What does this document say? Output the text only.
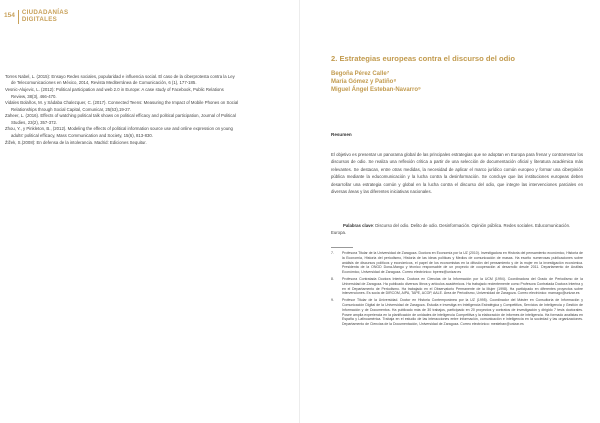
154 CIUDADANÍAS
DIGITALES

Torres Nabel, L. (2015): Ensayo Redes sociales, popularidad e influencia social. El caso de la ciberprotesta contra la Ley de Telecomunicaciones en México, 2014, Revista Mediterránea de Comunicación, 6 (1), 177-185.

Vesnic-Alujevic, L. (2012): Political participation and web 2.0 in Europe: A case study of Facebook, Public Relations Review, 38(3), 466-470.

Vidales Bolaños, M. y Sádaba Chalezquer, C. (2017). Connected Teens: Measuring the Impact of Mobile Phones on Social Relationships through Social Capital, Comunicar, 25(53),19-27.

Zaheer, L. (2016). Effects of watching political talk shows on political efficacy and political participation, Journal of Political Studies, 23(2), 357-372.

Zhou, Y., y Pinkleton, B., (2012). Modeling the effects of political information source use and online expression on young adults' political efficacy, Mass Communication and Society, 15(6), 813-830.

Žižek, S.(2008): En defensa de la intolerancia. Madrid: Ediciones Sequitur.

2. Estrategias europeas contra el discurso del odio
Begoña Pérez Calle⁷
María Gómez y Patiño⁸
Miguel Ángel Esteban-Navarro⁹
Resumen

El objetivo es presentar un panorama global de las principales estrategias que se adoptan en Europa para frenar y contrarrestar los discursos de odio. Se realiza una reflexión crítica a partir de una selección de documentación oficial y literatura académica más relevantes. Se destacan, entre otras medidas, la necesidad de aplicar el marco jurídico común europeo y formar una ciberpinión pública mediante la educomunicación y la lucha contra la desinformación. Se concluye que las instituciones europeas deben desarrollar una estrategia común y global en la lucha contra el discurso del odio, que integre las intervenciones parciales en diversas áreas y las diferentes iniciativas nacionales.

Palabras clave: Discurso del odio. Delito de odio. Desinformación. Opinión pública. Redes sociales. Educomunicación. Europa.

7.	Profesora Titular de la Universidad de Zaragoza. Doctora en Economía por la UZ (2010). Investigadora en Historia del pensamiento económico, Historia de la Economía, Historia del periodismo, Historia de las ideas políticas y Medios de comunicación de masas. Ha escrito numerosas publicaciones sobre análisis de discursos políticos y económicos, el papel de los economistas en la difusión del pensamiento y de la mujer en la investigación económica. Presidenta de la ONGD Dona-Mangu y técnico responsable de un proyecto de cooperación al desarrollo desde 2011. Departamento de Análisis Económico, Universidad de Zaragoza. Correo electrónico: bperez@unizar.es
8.	Profesora Contratada Doctora Interina. Doctora en Ciencias de la Información por la UCM (1994). Coordinadora del Grado de Periodismo de la Universidad de Zaragoza. Ha publicado diversos libros y artículos académicos. Ha trabajado recientemente como Profesora Contratada Doctora Interina y en el Departamento de Periodismo. Ha trabajado en el Observatorio Permanente de la Mujer (1998). Ha participado en diferentes proyectos sobre intervenciones. Es socia de DIRCOM, AIPA, TAPE, ACOP, AALE. Área de Periodismo, Universidad de Zaragoza. Correo electrónico: marnago@unizar.es
9.	Profesor Titular de la Universidad. Doctor en Historia Contemporánea por la UZ (1995). Coordinador del Máster en Consultoría de Información y Comunicación Digital de la Universidad de Zaragoza. Estudia e investiga en Inteligencia Estratégica y Competitiva, Servicios de Inteligencia y Gestión de Información y de Documentos. Ha publicado más de 30 trabajos, participado en 20 proyectos y contratos de investigación y dirigido 7 tesis doctorales. Posee amplia experiencia en la planificación de unidades de inteligencia Competitiva y la elaboración de informes de inteligencia. Ha formado analistas en España y Latinoamérica. Trabaja en el estudio de las interacciones entre información, comunicación e inteligencia en la sociedad y las organizaciones. Departamento de Ciencias de la Documentación, Universidad de Zaragoza. Correo electrónico: mesteban@unizar.es
